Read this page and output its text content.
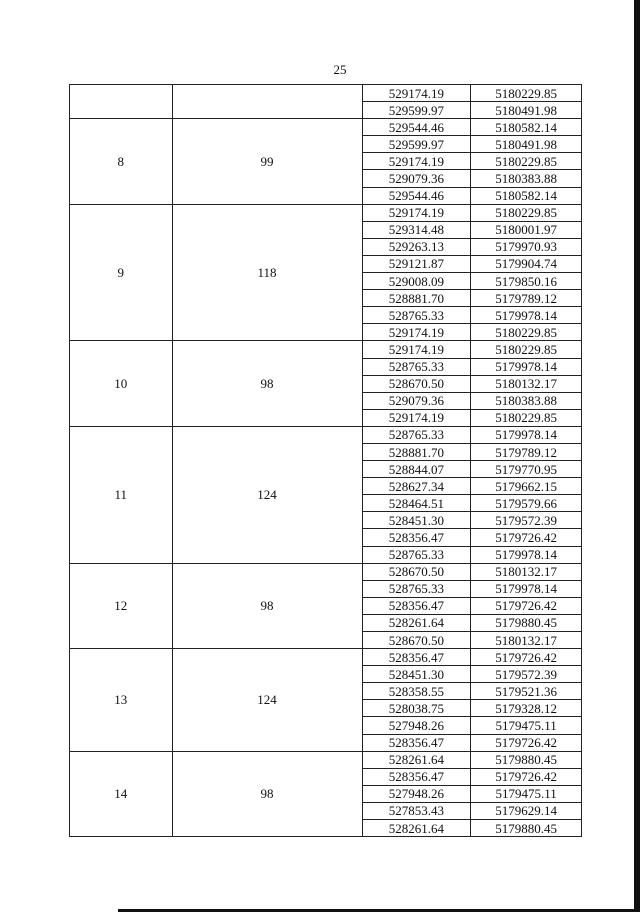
25
		529174.19	5180229.85
		529599.97	5180491.98
8	99	529544.46	5180582.14
		529599.97	5180491.98
		529174.19	5180229.85
		529079.36	5180383.88
		529544.46	5180582.14
9	118	529174.19	5180229.85
		529314.48	5180001.97
		529263.13	5179970.93
		529121.87	5179904.74
		529008.09	5179850.16
		528881.70	5179789.12
		528765.33	5179978.14
		529174.19	5180229.85
10	98	529174.19	5180229.85
		528765.33	5179978.14
		528670.50	5180132.17
		529079.36	5180383.88
		529174.19	5180229.85
11	124	528765.33	5179978.14
		528881.70	5179789.12
		528844.07	5179770.95
		528627.34	5179662.15
		528464.51	5179579.66
		528451.30	5179572.39
		528356.47	5179726.42
		528765.33	5179978.14
12	98	528670.50	5180132.17
		528765.33	5179978.14
		528356.47	5179726.42
		528261.64	5179880.45
		528670.50	5180132.17
13	124	528356.47	5179726.42
		528451.30	5179572.39
		528358.55	5179521.36
		528038.75	5179328.12
		527948.26	5179475.11
		528356.47	5179726.42
14	98	528261.64	5179880.45
		528356.47	5179726.42
		527948.26	5179475.11
		527853.43	5179629.14
		528261.64	5179880.45
